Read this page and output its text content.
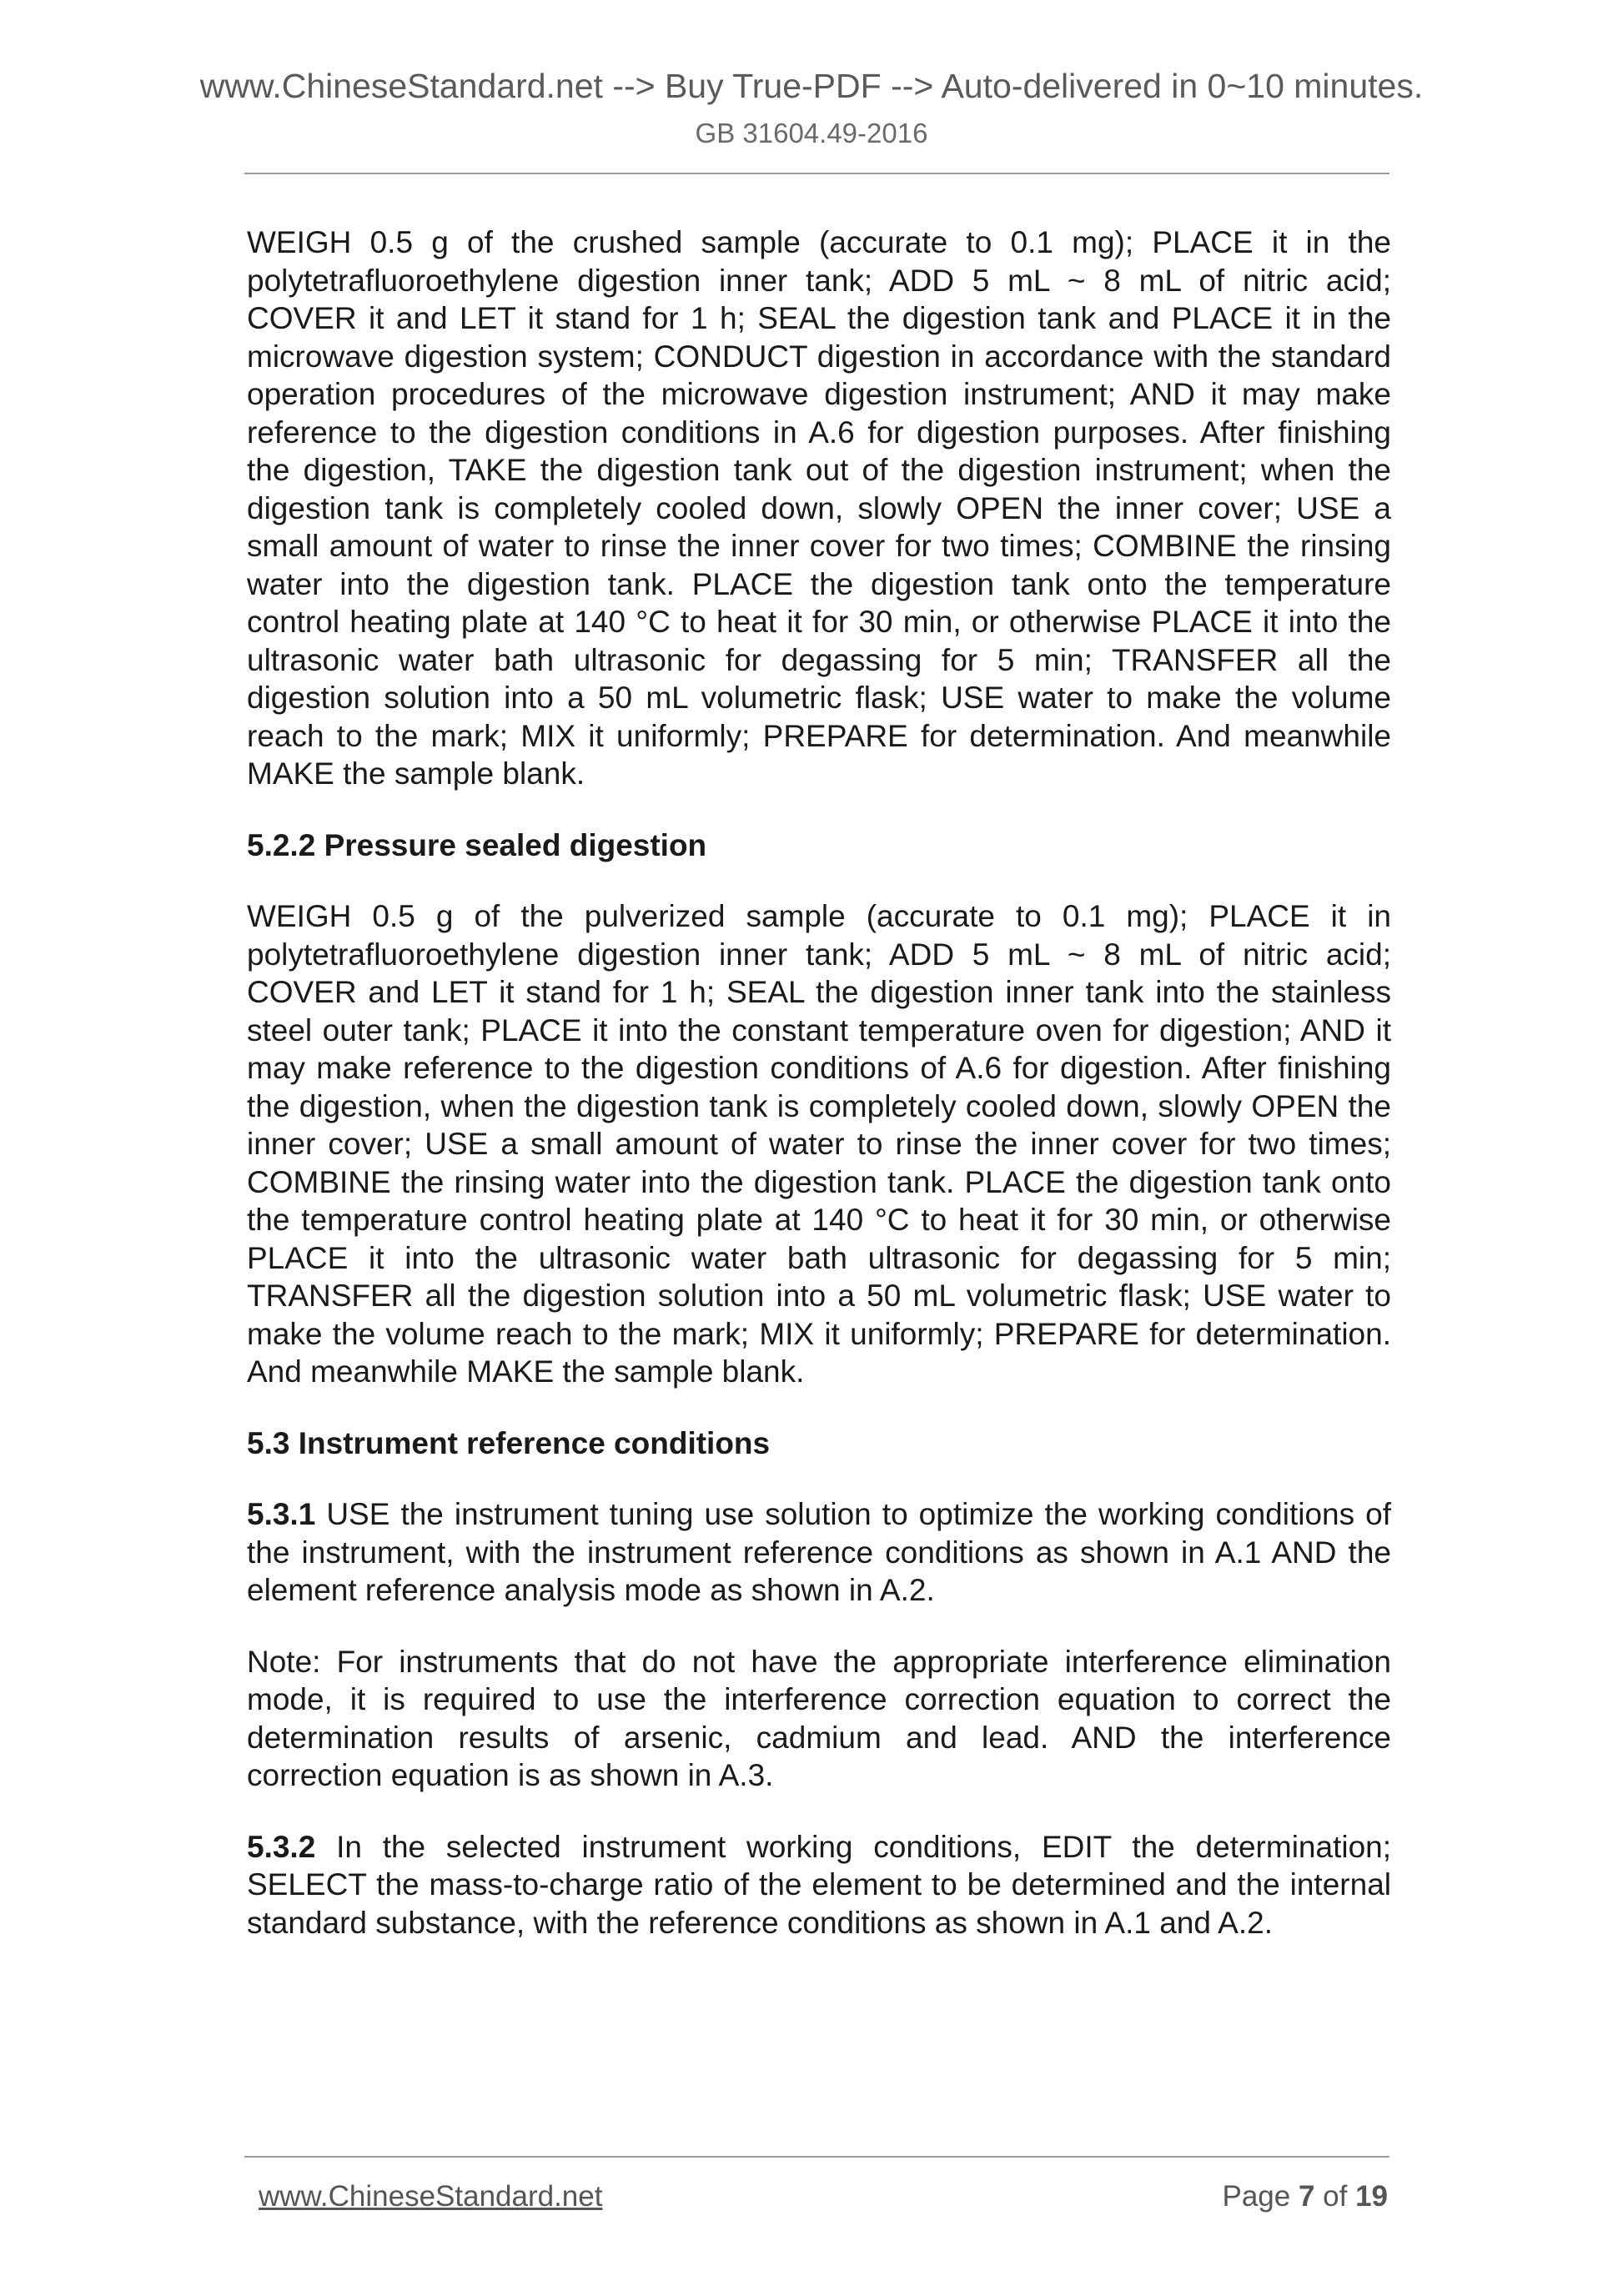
www.ChineseStandard.net --> Buy True-PDF --> Auto-delivered in 0~10 minutes.
GB 31604.49-2016

WEIGH 0.5 g of the crushed sample (accurate to 0.1 mg); PLACE it in the polytetrafluoroethylene digestion inner tank; ADD 5 mL ~ 8 mL of nitric acid; COVER it and LET it stand for 1 h; SEAL the digestion tank and PLACE it in the microwave digestion system; CONDUCT digestion in accordance with the standard operation procedures of the microwave digestion instrument; AND it may make reference to the digestion conditions in A.6 for digestion purposes. After finishing the digestion, TAKE the digestion tank out of the digestion instrument; when the digestion tank is completely cooled down, slowly OPEN the inner cover; USE a small amount of water to rinse the inner cover for two times; COMBINE the rinsing water into the digestion tank. PLACE the digestion tank onto the temperature control heating plate at 140 °C to heat it for 30 min, or otherwise PLACE it into the ultrasonic water bath ultrasonic for degassing for 5 min; TRANSFER all the digestion solution into a 50 mL volumetric flask; USE water to make the volume reach to the mark; MIX it uniformly; PREPARE for determination. And meanwhile MAKE the sample blank.

5.2.2 Pressure sealed digestion

WEIGH 0.5 g of the pulverized sample (accurate to 0.1 mg); PLACE it in polytetrafluoroethylene digestion inner tank; ADD 5 mL ~ 8 mL of nitric acid; COVER and LET it stand for 1 h; SEAL the digestion inner tank into the stainless steel outer tank; PLACE it into the constant temperature oven for digestion; AND it may make reference to the digestion conditions of A.6 for digestion. After finishing the digestion, when the digestion tank is completely cooled down, slowly OPEN the inner cover; USE a small amount of water to rinse the inner cover for two times; COMBINE the rinsing water into the digestion tank. PLACE the digestion tank onto the temperature control heating plate at 140 °C to heat it for 30 min, or otherwise PLACE it into the ultrasonic water bath ultrasonic for degassing for 5 min; TRANSFER all the digestion solution into a 50 mL volumetric flask; USE water to make the volume reach to the mark; MIX it uniformly; PREPARE for determination. And meanwhile MAKE the sample blank.

5.3 Instrument reference conditions

5.3.1 USE the instrument tuning use solution to optimize the working conditions of the instrument, with the instrument reference conditions as shown in A.1 AND the element reference analysis mode as shown in A.2.

Note: For instruments that do not have the appropriate interference elimination mode, it is required to use the interference correction equation to correct the determination results of arsenic, cadmium and lead. AND the interference correction equation is as shown in A.3.

5.3.2 In the selected instrument working conditions, EDIT the determination; SELECT the mass-to-charge ratio of the element to be determined and the internal standard substance, with the reference conditions as shown in A.1 and A.2.

www.ChineseStandard.net	Page 7 of 19
